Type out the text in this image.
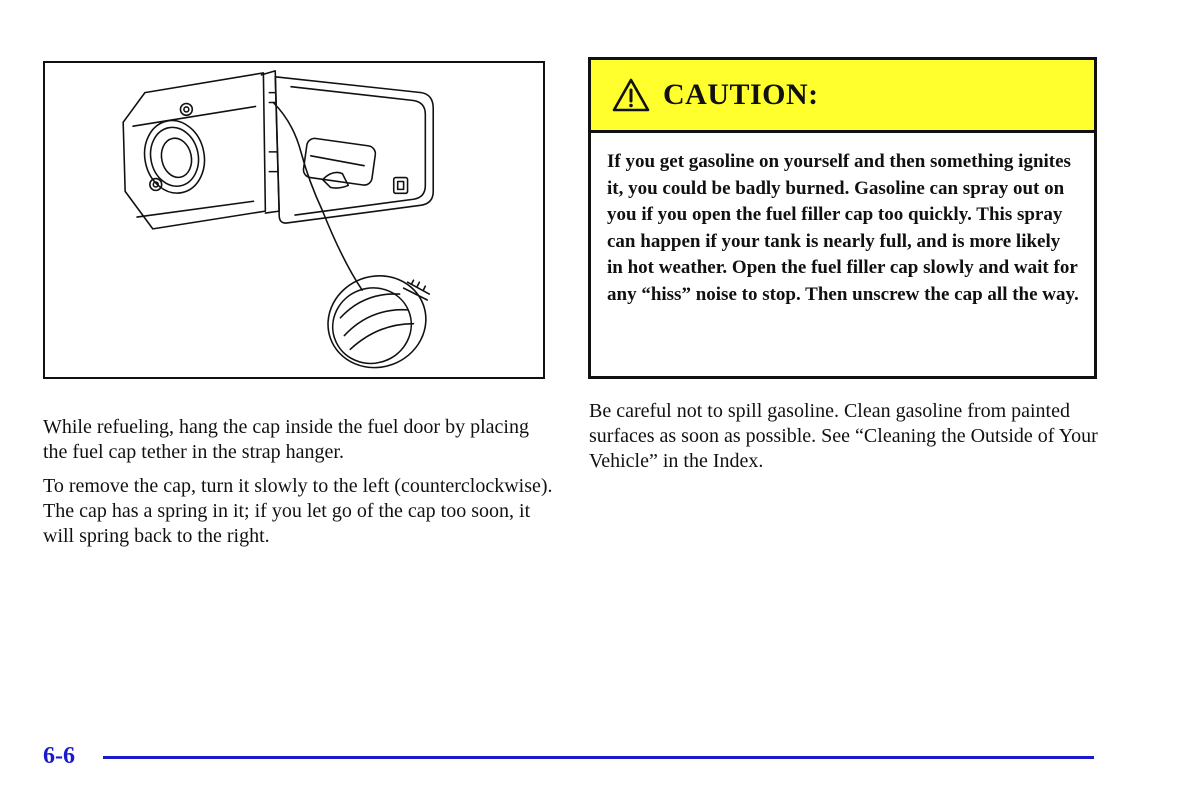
While refueling, hang the cap inside the fuel door by placing the fuel cap tether in the strap hanger.

To remove the cap, turn it slowly to the left (counterclockwise). The cap has a spring in it; if you let go of the cap too soon, it will spring back to the right.

CAUTION:
If you get gasoline on yourself and then something ignites it, you could be badly burned. Gasoline can spray out on you if you open the fuel filler cap too quickly. This spray can happen if your tank is nearly full, and is more likely in hot weather. Open the fuel filler cap slowly and wait for any “hiss” noise to stop. Then unscrew the cap all the way.

Be careful not to spill gasoline. Clean gasoline from painted surfaces as soon as possible. See “Cleaning the Outside of Your Vehicle” in the Index.

6-6
